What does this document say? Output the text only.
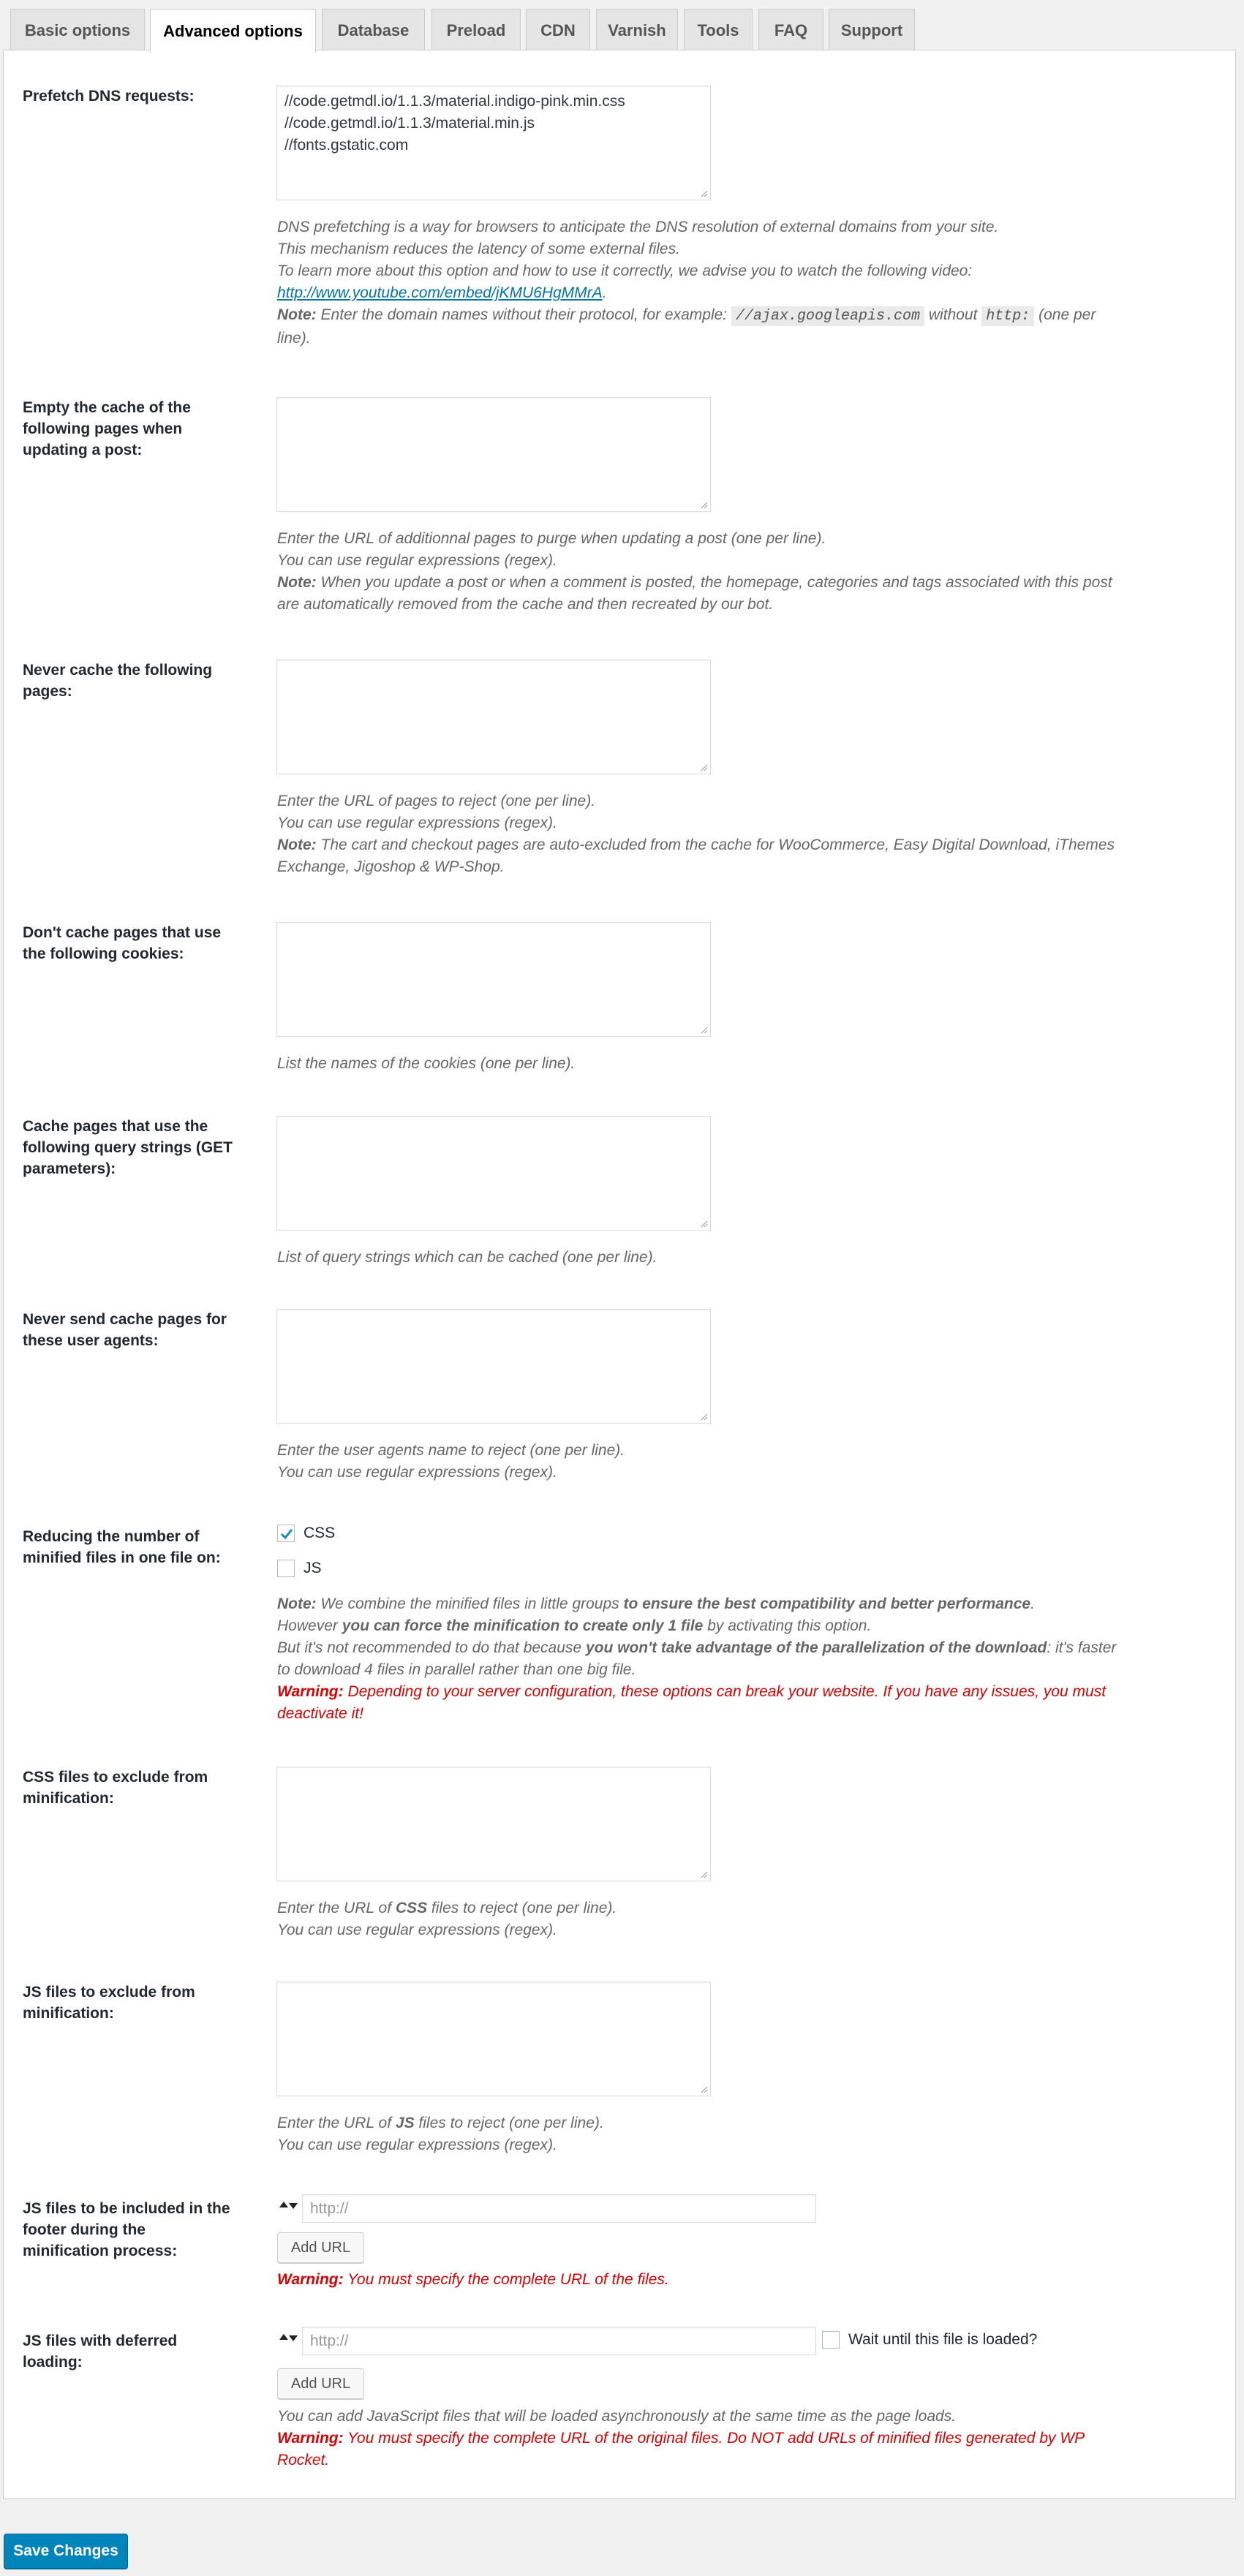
Basic options	Advanced options	Database	Preload	CDN	Varnish	Tools	FAQ	Support
Prefetch DNS requests:	//code.getmdl.io/1.1.3/material.indigo-pink.min.css
//code.getmdl.io/1.1.3/material.min.js
//fonts.gstatic.com
DNS prefetching is a way for browsers to anticipate the DNS resolution of external domains from your site.
This mechanism reduces the latency of some external files.
To learn more about this option and how to use it correctly, we advise you to watch the following video:
http://www.youtube.com/embed/jKMU6HgMMrA.
Note: Enter the domain names without their protocol, for example: //ajax.googleapis.com without http: (one per
line).
Empty the cache of the
following pages when
updating a post:
Enter the URL of additionnal pages to purge when updating a post (one per line).
You can use regular expressions (regex).
Note: When you update a post or when a comment is posted, the homepage, categories and tags associated with this post
are automatically removed from the cache and then recreated by our bot.
Never cache the following
pages:
Enter the URL of pages to reject (one per line).
You can use regular expressions (regex).
Note: The cart and checkout pages are auto-excluded from the cache for WooCommerce, Easy Digital Download, iThemes
Exchange, Jigoshop & WP-Shop.
Don't cache pages that use
the following cookies:
List the names of the cookies (one per line).
Cache pages that use the
following query strings (GET
parameters):
List of query strings which can be cached (one per line).
Never send cache pages for
these user agents:
Enter the user agents name to reject (one per line).
You can use regular expressions (regex).
Reducing the number of
minified files in one file on:
CSS
JS
Note: We combine the minified files in little groups to ensure the best compatibility and better performance.
However you can force the minification to create only 1 file by activating this option.
But it's not recommended to do that because you won't take advantage of the parallelization of the download: it's faster
to download 4 files in parallel rather than one big file.
Warning: Depending to your server configuration, these options can break your website. If you have any issues, you must
deactivate it!
CSS files to exclude from
minification:
Enter the URL of CSS files to reject (one per line).
You can use regular expressions (regex).
JS files to exclude from
minification:
Enter the URL of JS files to reject (one per line).
You can use regular expressions (regex).
JS files to be included in the
footer during the
minification process:
http://
Add URL
Warning: You must specify the complete URL of the files.
JS files with deferred
loading:
http://	Wait until this file is loaded?
Add URL
You can add JavaScript files that will be loaded asynchronously at the same time as the page loads.
Warning: You must specify the complete URL of the original files. Do NOT add URLs of minified files generated by WP
Rocket.
Save Changes
